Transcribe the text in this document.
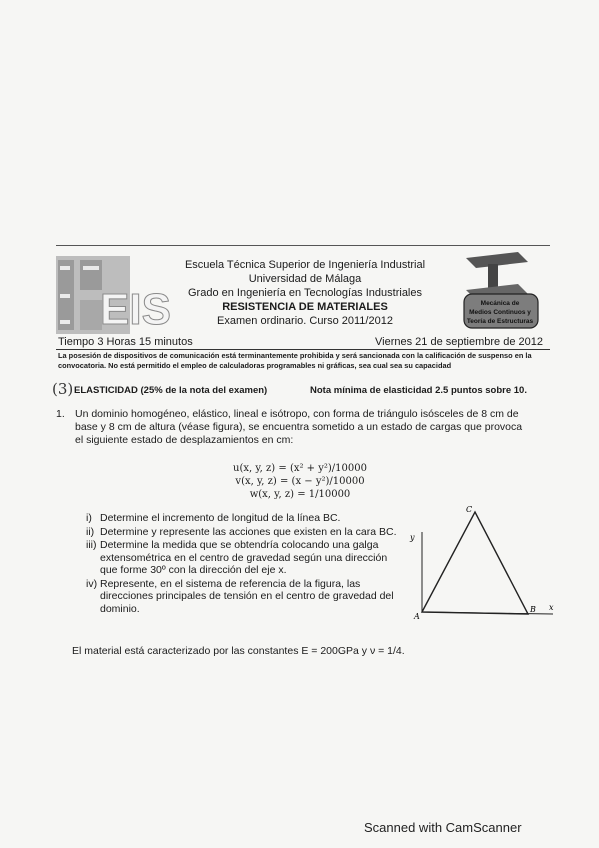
EIS
Escuela Técnica Superior de Ingeniería Industrial
Universidad de Málaga
Grado en Ingeniería en Tecnologías Industriales
RESISTENCIA DE MATERIALES
Examen ordinario. Curso 2011/2012
Mecánica de
Medios Continuos y
Teoría de Estructuras
Tiempo 3 Horas 15 minutos	Viernes 21 de septiembre de 2012
La posesión de dispositivos de comunicación está terminantemente prohibida y será sancionada con la calificación de suspenso en la convocatoria. No está permitido el empleo de calculadoras programables ni gráficas, sea cual sea su capacidad
(3) ELASTICIDAD (25% de la nota del examen)	Nota mínima de elasticidad 2.5 puntos sobre 10.
1. Un dominio homogéneo, elástico, lineal e isótropo, con forma de triángulo isósceles de 8 cm de base y 8 cm de altura (véase figura), se encuentra sometido a un estado de cargas que provoca el siguiente estado de desplazamientos en cm:
u(x, y, z) = (x² + y²)/10000
v(x, y, z) = (x − y²)/10000
w(x, y, z) = 1/10000
i) Determine el incremento de longitud de la línea BC.
ii) Determine y represente las acciones que existen en la cara BC.
iii) Determine la medida que se obtendría colocando una galga extensométrica en el centro de gravedad según una dirección que forme 30º con la dirección del eje x.
iv) Represente, en el sistema de referencia de la figura, las direcciones principales de tensión en el centro de gravedad del dominio.
y
x
A
B
C
El material está caracterizado por las constantes E = 200GPa y ν = 1/4.
Scanned with CamScanner
